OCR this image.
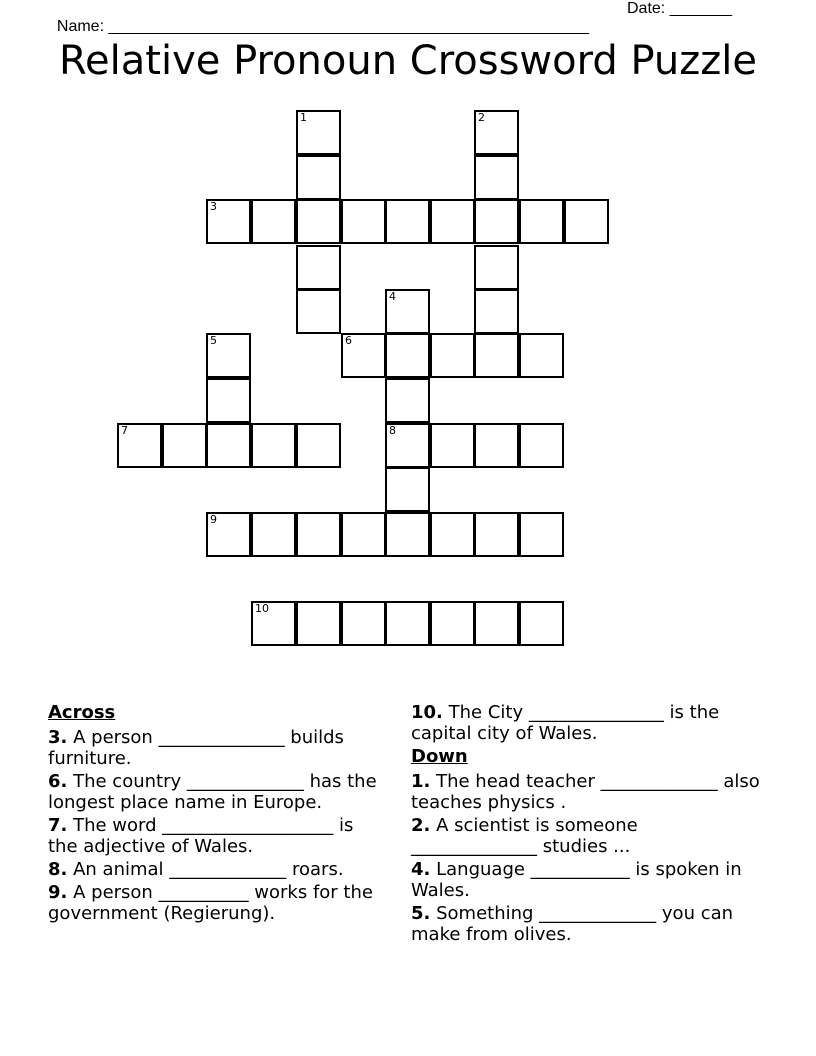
Name: ______________________________________________________

Date: _______

Relative Pronoun Crossword Puzzle
1	2
3
4
6
5
7	8
9
10
Across
3. A person ______________ builds furniture.
6. The country _____________ has the longest place name in Europe.
7. The word ___________________ is the adjective of Wales.
8. An animal _____________ roars.
9. A person __________ works for the government (Regierung).
10. The City _______________ is the capital city of Wales.
Down
1. The head teacher _____________ also teaches physics .
2. A scientist is someone ______________ studies ...
4. Language ___________ is spoken in Wales.
5. Something _____________ you can make from olives.
